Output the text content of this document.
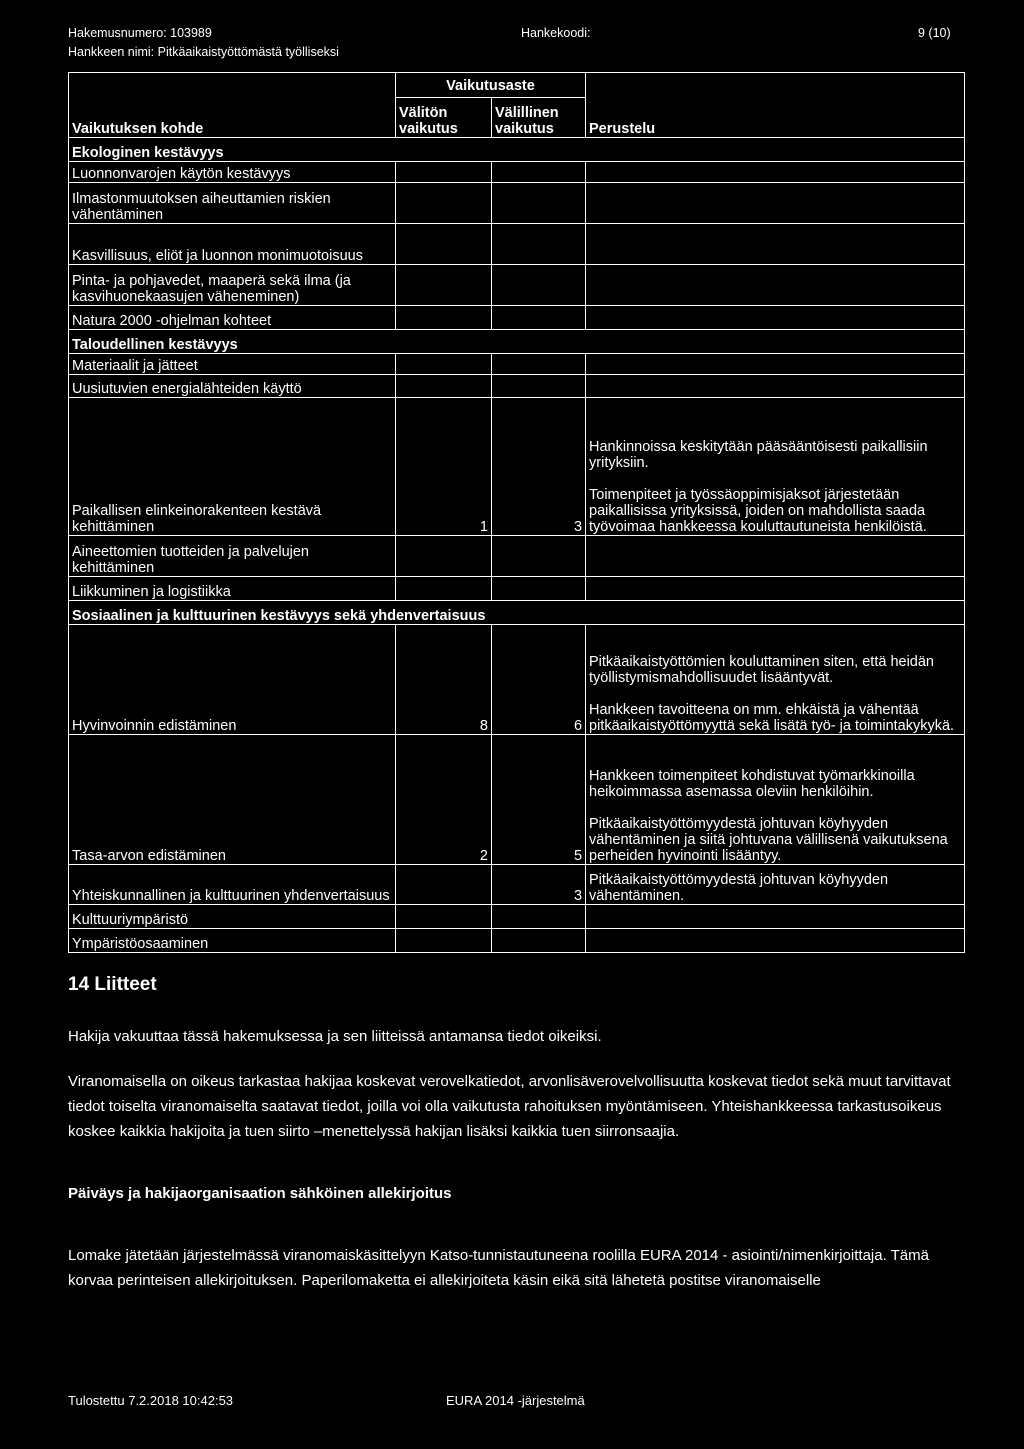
Hakemusnumero: 103989	Hankekoodi:	9 (10)
Hankkeen nimi: Pitkäaikaistyöttömästä työlliseksi
Vaikutuksen kohde	Vaikutusaste		Perustelu
	Välitön vaikutus	Välillinen vaikutus	
Ekologinen kestävyys			
Luonnonvarojen käytön kestävyys			
Ilmastonmuutoksen aiheuttamien riskien vähentäminen			
Kasvillisuus, eliöt ja luonnon monimuotoisuus			
Pinta- ja pohjavedet, maaperä sekä ilma (ja kasvihuonekaasujen väheneminen)			
Natura 2000 -ohjelman kohteet			
Taloudellinen kestävyys			
Materiaalit ja jätteet			
Uusiutuvien energialähteiden käyttö			
Paikallisen elinkeinorakenteen kestävä kehittäminen	1	3	Hankinnoissa keskitytään pääsääntöisesti paikallisiin yrityksiin.

Toimenpiteet ja työssäoppimisjaksot järjestetään paikallisissa yrityksissä, joiden on mahdollista saada työvoimaa hankkeessa kouluttautuneista henkilöistä.
Aineettomien tuotteiden ja palvelujen kehittäminen			
Liikkuminen ja logistiikka			
Sosiaalinen ja kulttuurinen kestävyys sekä yhdenvertaisuus			
Hyvinvoinnin edistäminen	8	6	Pitkäaikaistyöttömien kouluttaminen siten, että heidän työllistymismahdollisuudet lisääntyvät.

Hankkeen tavoitteena on mm. ehkäistä ja vähentää pitkäaikaistyöttömyyttä sekä lisätä työ- ja toimintakykykä.
Tasa-arvon edistäminen	2	5	Hankkeen toimenpiteet kohdistuvat työmarkkinoilla heikoimmassa asemassa oleviin henkilöihin.

Pitkäaikaistyöttömyydestä johtuvan köyhyyden vähentäminen ja siitä johtuvana välillisenä vaikutuksena perheiden hyvinointi lisääntyy.
Yhteiskunnallinen ja kulttuurinen yhdenvertaisuus		3	Pitkäaikaistyöttömyydestä johtuvan köyhyyden vähentäminen.
Kulttuuriympäristö			
Ympäristöosaaminen			
14 Liitteet
Hakija vakuuttaa tässä hakemuksessa ja sen liitteissä antamansa tiedot oikeiksi.
Viranomaisella on oikeus tarkastaa hakijaa koskevat verovelkatiedot, arvonlisäverovelvollisuutta koskevat tiedot sekä muut tarvittavat tiedot toiselta viranomaiselta saatavat tiedot, joilla voi olla vaikutusta rahoituksen myöntämiseen. Yhteishankkeessa tarkastusoikeus koskee kaikkia hakijoita ja tuen siirto –menettelyssä hakijan lisäksi kaikkia tuen siirronsaajia.
Päiväys ja hakijaorganisaation sähköinen allekirjoitus
Lomake jätetään järjestelmässä viranomaiskäsittelyyn Katso-tunnistautuneena roolilla EURA 2014 - asiointi/nimenkirjoittaja. Tämä korvaa perinteisen allekirjoituksen. Paperilomaketta ei allekirjoiteta käsin eikä sitä lähetetä postitse viranomaiselle
Tulostettu 7.2.2018 10:42:53	EURA 2014 -järjestelmä
